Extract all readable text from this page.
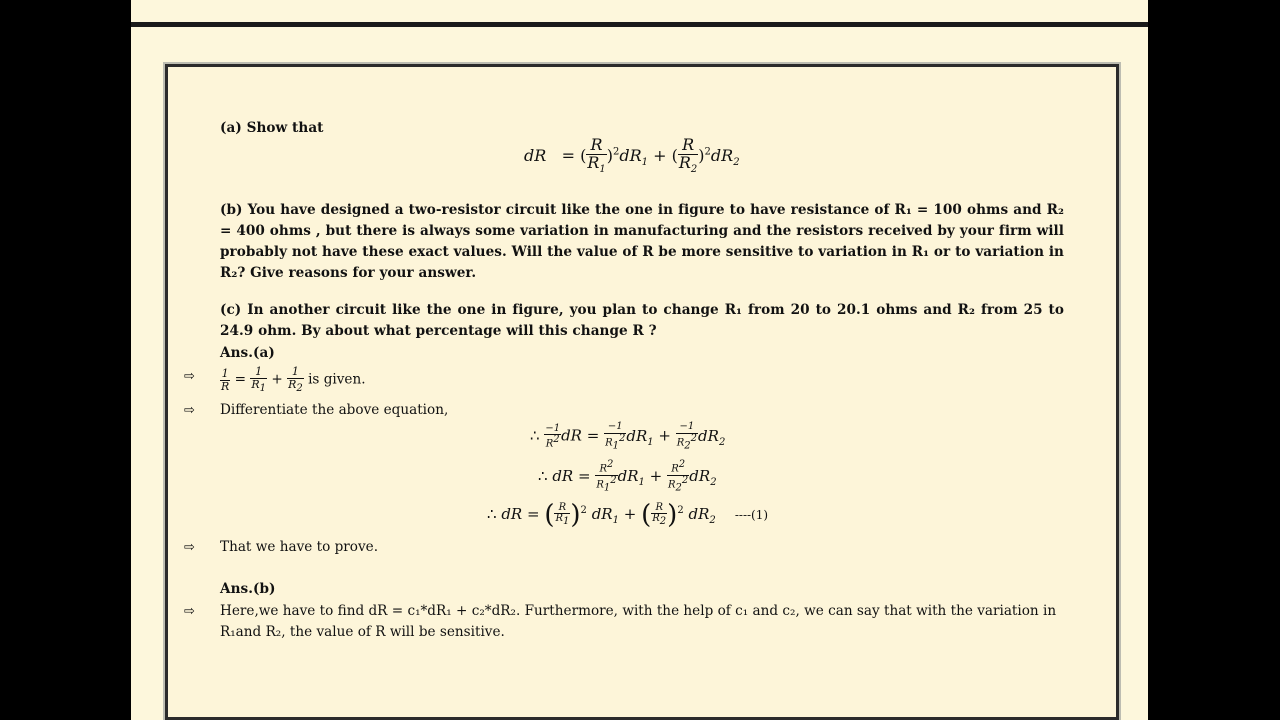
(a) Show that
dR = ( $\frac{R}{R_1} )^2dR_1$ + ( $\frac{R}{R_2} )^2dR_2$
(b) You have designed a two-resistor circuit like the one in figure to have resistance of R₁ = 100 ohms and R₂ = 400 ohms , but there is always some variation in manufacturing and the resistors received by your firm will probably not have these exact values. Will the value of R be more sensitive to variation in R₁ or to variation in R₂? Give reasons for your answer.
(c) In another circuit like the one in figure, you plan to change R₁ from 20 to 20.1 ohms and R₂ from 25 to 24.9 ohm. By about what percentage will this change R ?
Ans.(a)
⇨ $\frac{1}{R} = \frac{1}{R_1} + \frac{1}{R_2}$ is given.
⇨ Differentiate the above equation,
∴ $\frac{-1}{R^2}$ dR = $\frac{-1}{R_1^2} dR_1 + \frac{-1}{R_2^2} dR_2$
∴ dR = $\frac{R^2}{R_1^2} dR_1 + \frac{R^2}{R_2^2} dR_2$
∴ dR = ( $\frac{R}{R_1} )^2$ $dR_1$ + ( $\frac{R}{R_2} )^2$ $dR_2$ ----(1)
⇨ That we have to prove.
Ans.(b)
⇨ Here,we have to find dR = c₁*dR₁ + c₂*dR₂. Furthermore, with the help of c₁ and c₂, we can say that with the variation in
R₁and R₂, the value of R will be sensitive.
